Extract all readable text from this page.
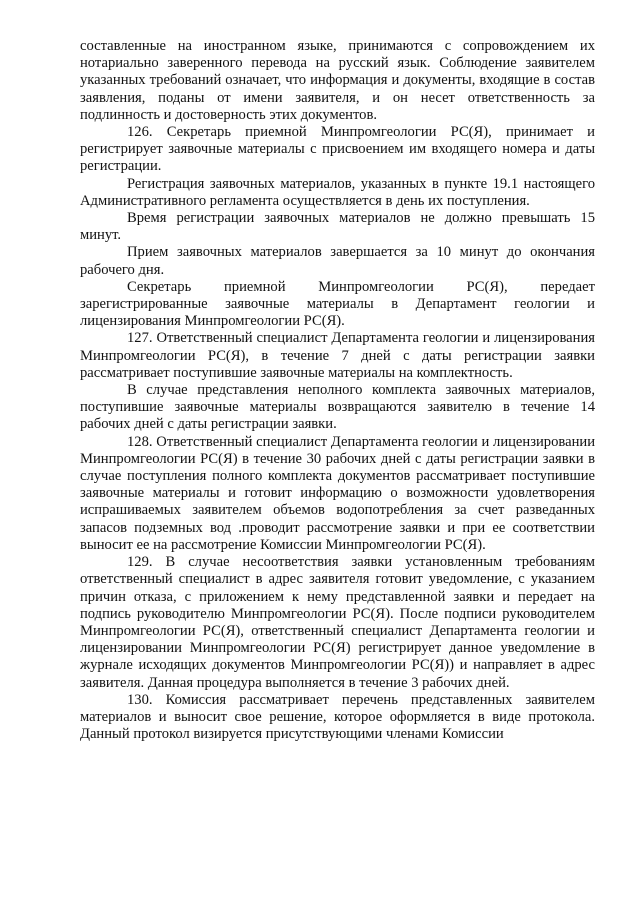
составленные на иностранном языке, принимаются с сопровождением их нотариально заверенного перевода на русский язык. Соблюдение заявителем указанных требований означает, что информация и документы, входящие в состав заявления, поданы от имени заявителя, и он несет ответственность за подлинность и достоверность этих документов.

126. Секретарь приемной Минпромгеологии РС(Я), принимает и регистрирует заявочные материалы с присвоением им входящего номера и даты регистрации.

Регистрация заявочных материалов, указанных в пункте 19.1 настоящего Административного регламента осуществляется в день их поступления.

Время регистрации заявочных материалов не должно превышать 15 минут.

Прием заявочных материалов завершается за 10 минут до окончания рабочего дня.

Секретарь приемной Минпромгеологии РС(Я), передает зарегистрированные заявочные материалы в Департамент геологии и лицензирования Минпромгеологии РС(Я).

127. Ответственный специалист Департамента геологии и лицензирования Минпромгеологии РС(Я), в течение 7 дней с даты регистрации заявки рассматривает поступившие заявочные материалы на комплектность.

В случае представления неполного комплекта заявочных материалов, поступившие заявочные материалы возвращаются заявителю в течение 14 рабочих дней с даты регистрации заявки.

128. Ответственный специалист Департамента геологии и лицензировании Минпромгеологии РС(Я) в течение 30 рабочих дней с даты регистрации заявки в случае поступления полного комплекта документов рассматривает поступившие заявочные материалы и готовит информацию о возможности удовлетворения испрашиваемых заявителем объемов водопотребления за счет разведанных запасов подземных вод .проводит рассмотрение заявки и при ее соответствии выносит ее на рассмотрение Комиссии Минпромгеологии РС(Я).

129. В случае несоответствия заявки установленным требованиям ответственный специалист в адрес заявителя готовит уведомление, с указанием причин отказа, с приложением к нему представленной заявки и передает на подпись руководителю Минпромгеологии РС(Я). После подписи руководителем Минпромгеологии РС(Я), ответственный специалист Департамента геологии и лицензировании Минпромгеологии РС(Я) регистрирует данное уведомление в журнале исходящих документов Минпромгеологии РС(Я)) и направляет в адрес заявителя. Данная процедура выполняется в течение 3 рабочих дней.

130. Комиссия рассматривает перечень представленных заявителем материалов и выносит свое решение, которое оформляется в виде протокола. Данный протокол визируется присутствующими членами Комиссии
